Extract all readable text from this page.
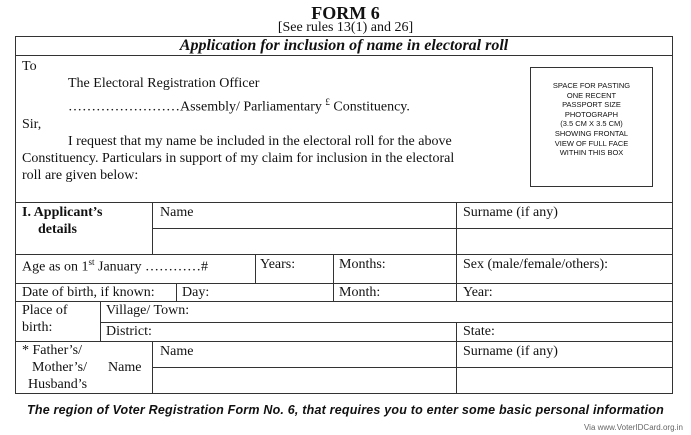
FORM 6
[See rules 13(1) and 26]
Application for inclusion of name in electoral roll
To
The Electoral Registration Officer
……………………Assembly/ Parliamentary £ Constituency.
Sir,
I request that my name be included in the electoral roll for the above
Constituency. Particulars in support of my claim for inclusion in the electoral
roll are given below:
SPACE FOR PASTING
ONE RECENT
PASSPORT SIZE
PHOTOGRAPH
(3.5 CM X 3.5 CM)
SHOWING FRONTAL
VIEW OF FULL FACE
WITHIN THIS BOX
I. Applicant’s
details
Name	Surname (if any)
Age as on 1st January …………#	Years:	Months:	Sex (male/female/others):
Date of birth, if known: Day:	Month:	Year:
Place of
birth:
Village/ Town:
District:	State:
* Father’s/
Mother’s/ Name
Husband’s
Name	Surname (if any)
The region of Voter Registration Form No. 6, that requires you to enter some basic personal information
Via www.VoterIDCard.org.in
